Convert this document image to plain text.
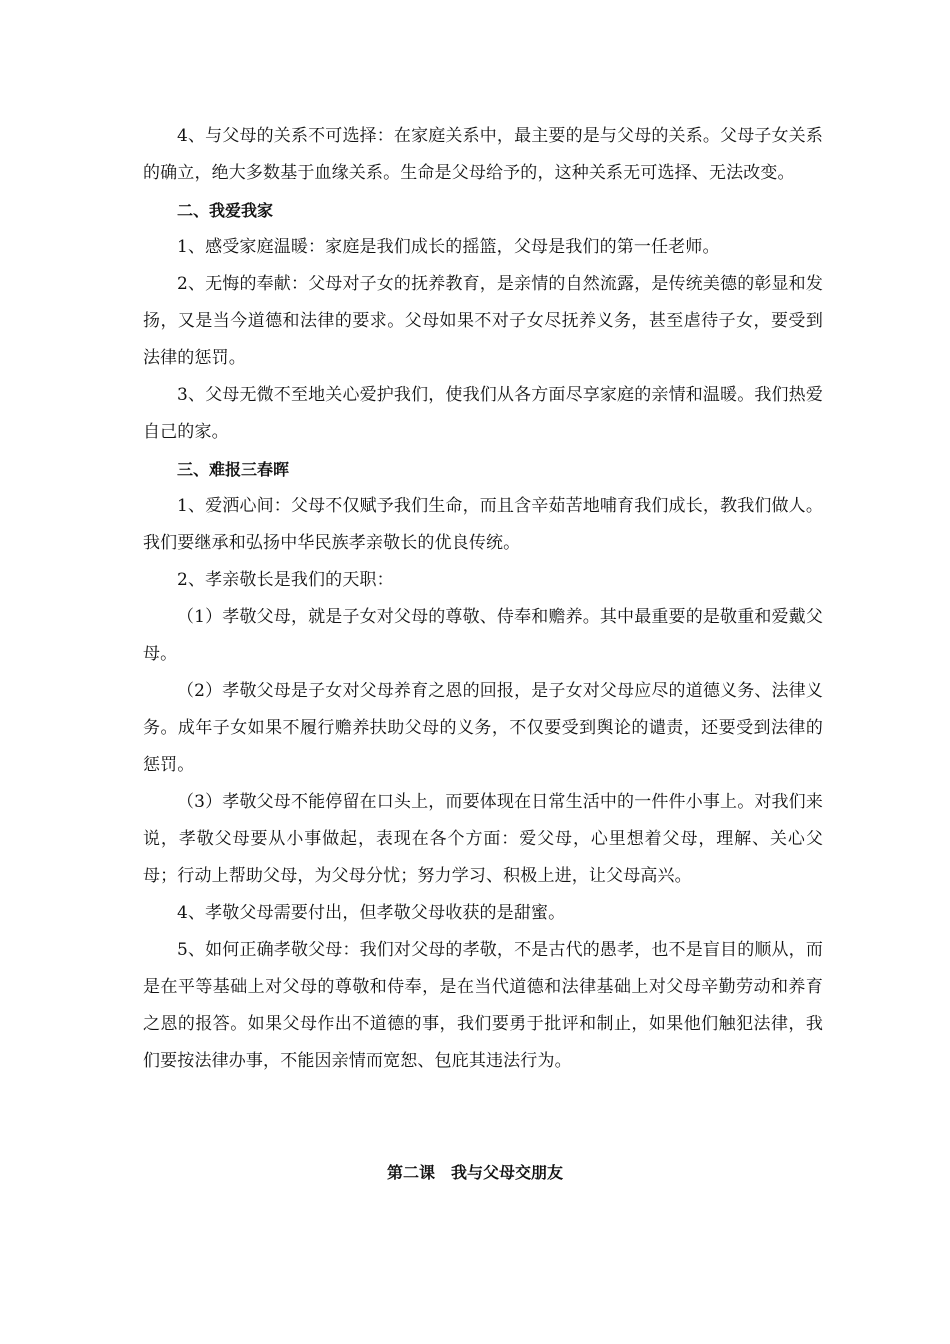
4、与父母的关系不可选择：在家庭关系中，最主要的是与父母的关系。父母子女关系的确立，绝大多数基于血缘关系。生命是父母给予的，这种关系无可选择、无法改变。

二、我爱我家

1、感受家庭温暖：家庭是我们成长的摇篮，父母是我们的第一任老师。

2、无悔的奉献：父母对子女的抚养教育，是亲情的自然流露，是传统美德的彰显和发扬，又是当今道德和法律的要求。父母如果不对子女尽抚养义务，甚至虐待子女，要受到法律的惩罚。

3、父母无微不至地关心爱护我们，使我们从各方面尽享家庭的亲情和温暖。我们热爱自己的家。

三、难报三春晖

1、爱洒心间：父母不仅赋予我们生命，而且含辛茹苦地哺育我们成长，教我们做人。我们要继承和弘扬中华民族孝亲敬长的优良传统。

2、孝亲敬长是我们的天职：

（1）孝敬父母，就是子女对父母的尊敬、侍奉和赡养。其中最重要的是敬重和爱戴父母。

（2）孝敬父母是子女对父母养育之恩的回报，是子女对父母应尽的道德义务、法律义务。成年子女如果不履行赡养扶助父母的义务，不仅要受到舆论的谴责，还要受到法律的惩罚。

（3）孝敬父母不能停留在口头上，而要体现在日常生活中的一件件小事上。对我们来说，孝敬父母要从小事做起，表现在各个方面：爱父母，心里想着父母，理解、关心父母；行动上帮助父母，为父母分忧；努力学习、积极上进，让父母高兴。

4、孝敬父母需要付出，但孝敬父母收获的是甜蜜。

5、如何正确孝敬父母：我们对父母的孝敬，不是古代的愚孝，也不是盲目的顺从，而是在平等基础上对父母的尊敬和侍奉，是在当代道德和法律基础上对父母辛勤劳动和养育之恩的报答。如果父母作出不道德的事，我们要勇于批评和制止，如果他们触犯法律，我们要按法律办事，不能因亲情而宽恕、包庇其违法行为。

第二课　我与父母交朋友
